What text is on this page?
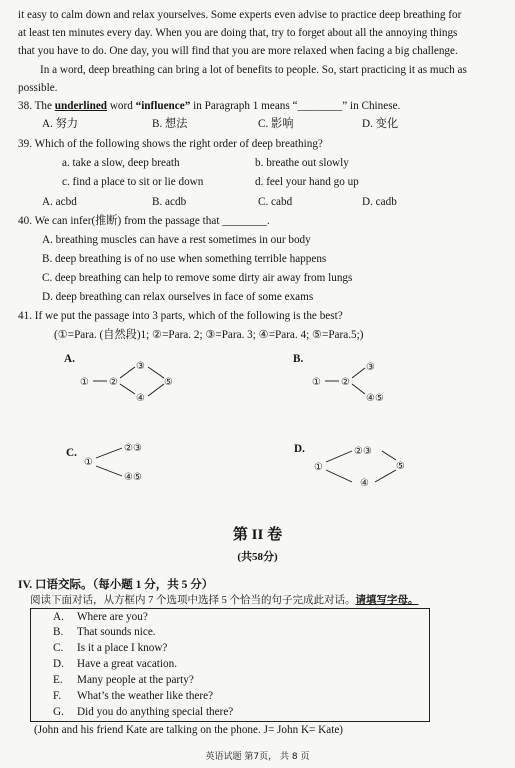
it easy to calm down and relax yourselves. Some experts even advise to practice deep breathing for
at least ten minutes every day. When you are doing that, try to forget about all the annoying things
that you have to do. One day, you will find that you are more relaxed when facing a big challenge.
In a word, deep breathing can bring a lot of benefits to people. So, start practicing it as much as
possible.
38. The underlined word “influence” in Paragraph 1 means “________” in Chinese.
A. 努力	B. 想法	C. 影响	D. 变化
39. Which of the following shows the right order of deep breathing?
a. take a slow, deep breath	b. breathe out slowly
c. find a place to sit or lie down	d. feel your hand go up
A. acbd	B. acdb	C. cabd	D. cadb
40. We can infer(推断) from the passage that ________.
A. breathing muscles can have a rest sometimes in our body
B. deep breathing is of no use when something terrible happens
C. deep breathing can help to remove some dirty air away from lungs
D. deep breathing can relax ourselves in face of some exams
41. If we put the passage into 3 parts, which of the following is the best?
(①=Para. (自然段)1; ②=Para. 2; ③=Para. 3; ④=Para. 4; ⑤=Para.5;)
A.
① ②
③
④
⑤
B.
① ②
③
④⑤
C.
①
②③
④⑤
D.
①
②③
④
⑤
第 II 卷
(共58分)
IV. 口语交际。（每小题 1 分，共 5 分）
阅读下面对话，从方框内 7 个选项中选择 5 个恰当的句子完成此对话。请填写字母。
A. Where are you?
B. That sounds nice.
C. Is it a place I know?
D. Have a great vacation.
E. Many people at the party?
F. What’s the weather like there?
G. Did you do anything special there?
(John and his friend Kate are talking on the phone. J= John K= Kate)
英语试题 第7页， 共 8 页
